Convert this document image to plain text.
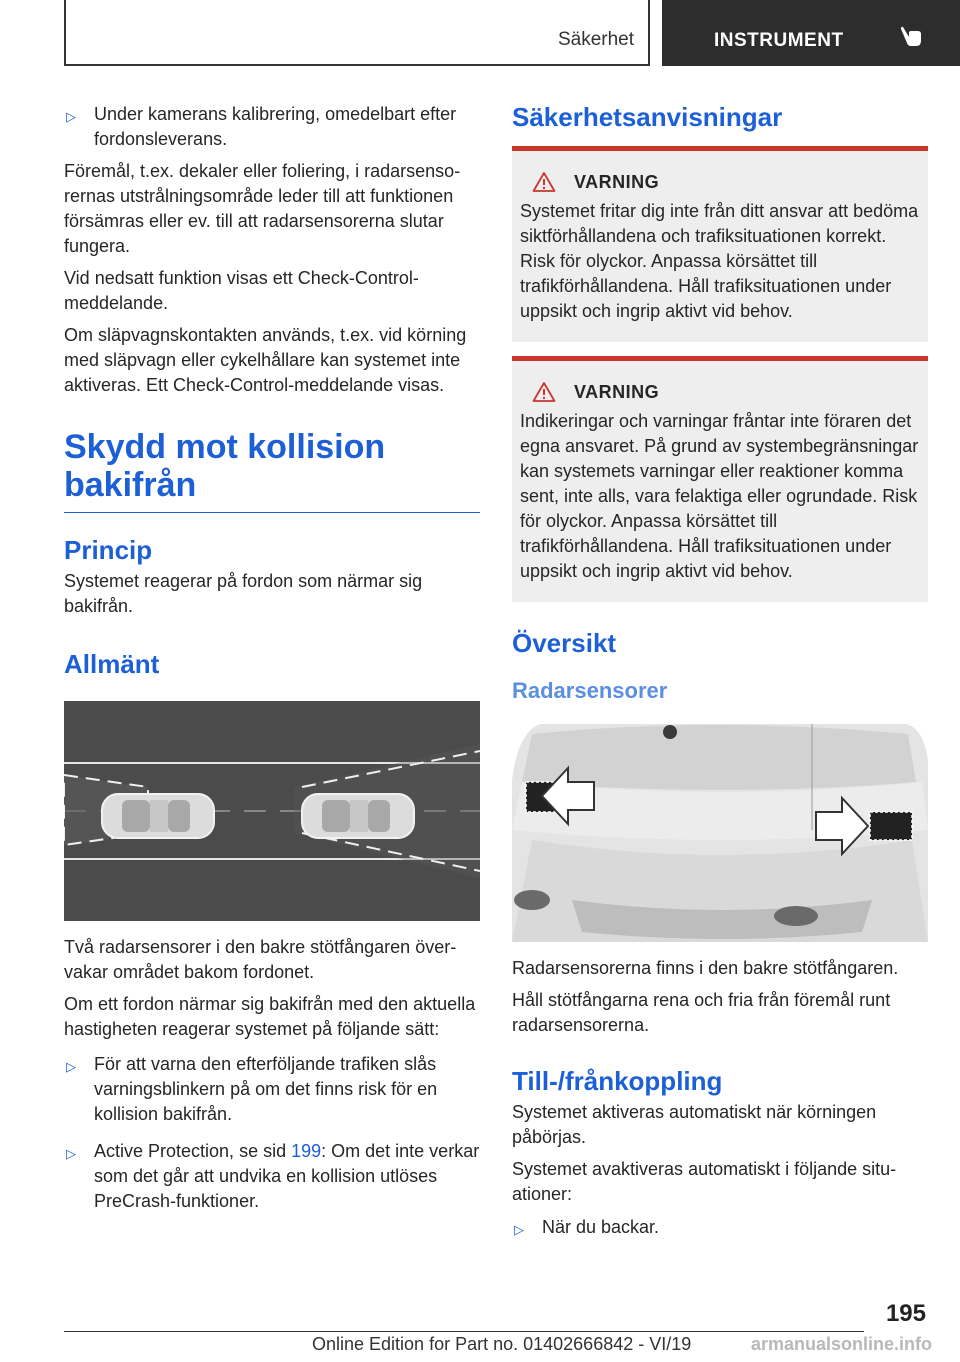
Säkerhet	INSTRUMENT
▷ Under kamerans kalibrering, omedelbart efter fordonsleverans.

Föremål, t.ex. dekaler eller foliering, i radarsensorernas utstrålningsområde leder till att funktionen försämras eller ev. till att radarsensorerna slutar fungera.

Vid nedsatt funktion visas ett Check-Control-meddelande.

Om släpvagnskontakten används, t.ex. vid körning med släpvagn eller cykelhållare kan systemet inte aktiveras. Ett Check-Control-meddelande visas.

Skydd mot kollision bakifrån
Princip

Systemet reagerar på fordon som närmar sig bakifrån.

Allmänt

Två radarsensorer i den bakre stötfångaren övervakar området bakom fordonet.

Om ett fordon närmar sig bakifrån med den aktuella hastigheten reagerar systemet på följande sätt:

▷ För att varna den efterföljande trafiken slås varningsblinkern på om det finns risk för en kollision bakifrån.
▷ Active Protection, se sid 199: Om det inte verkar som det går att undvika en kollision utlöses PreCrash-funktioner.
Säkerhetsanvisningar
VARNING

Systemet fritar dig inte från ditt ansvar att bedöma siktförhållandena och trafiksituationen korrekt. Risk för olyckor. Anpassa körsättet till trafikförhållandena. Håll trafiksituationen under uppsikt och ingrip aktivt vid behov.

VARNING

Indikeringar och varningar fråntar inte föraren det egna ansvaret. På grund av systembegränsningar kan systemets varningar eller reaktioner komma sent, inte alls, vara felaktiga eller ogrundade. Risk för olyckor. Anpassa körsättet till trafikförhållandena. Håll trafiksituationen under uppsikt och ingrip aktivt vid behov.

Översikt
Radarsensorer

Radarsensorerna finns i den bakre stötfångaren.

Håll stötfångarna rena och fria från föremål runt radarsensorerna.

Till-/frånkoppling

Systemet aktiveras automatiskt när körningen påbörjas.

Systemet avaktiveras automatiskt i följande situationer:

▷ När du backar.
195
Online Edition for Part no. 01402666842 - VI/19	armanualsonline.info
